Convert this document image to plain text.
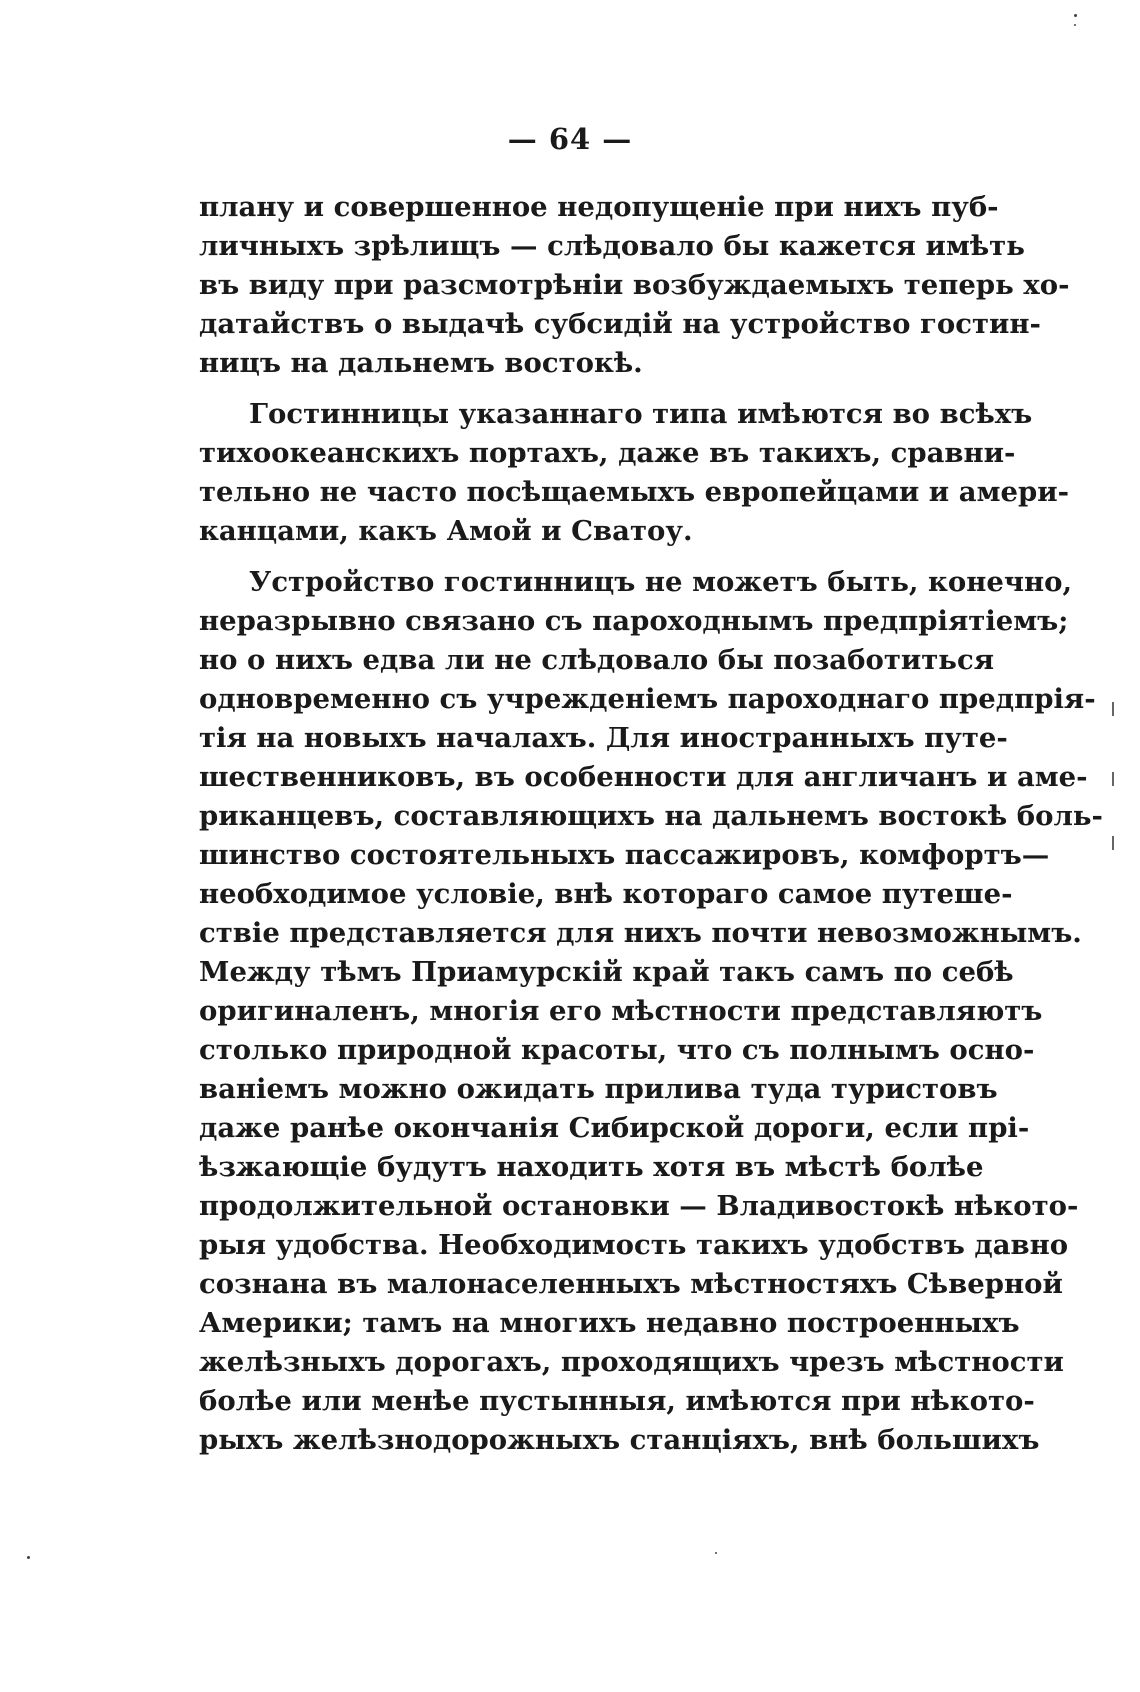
— 64 —
плану и совершенное недопущеніе при нихъ пуб-
личныхъ зрѣлищъ — слѣдовало бы кажется имѣть
въ виду при разсмотрѣніи возбуждаемыхъ теперь хо-
датайствъ о выдачѣ субсидій на устройство гостин-
ницъ на дальнемъ востокѣ.
Гостинницы указаннаго типа имѣются во всѣхъ
тихоокеанскихъ портахъ, даже въ такихъ, сравни-
тельно не часто посѣщаемыхъ европейцами и амери-
канцами, какъ Амой и Сватоу.
Устройство гостинницъ не можетъ быть, конечно,
неразрывно связано съ пароходнымъ предпріятіемъ;
но о нихъ едва ли не слѣдовало бы позаботиться
одновременно съ учрежденіемъ пароходнаго предпрія-
тія на новыхъ началахъ. Для иностранныхъ путе-
шественниковъ, въ особенности для англичанъ и аме-
риканцевъ, составляющихъ на дальнемъ востокѣ боль-
шинство состоятельныхъ пассажировъ, комфортъ—
необходимое условіе, внѣ котораго самое путеше-
ствіе представляется для нихъ почти невозможнымъ.
Между тѣмъ Приамурскій край такъ самъ по себѣ
оригиналенъ, многія его мѣстности представляютъ
столько природной красоты, что съ полнымъ осно-
ваніемъ можно ожидать прилива туда туристовъ
даже ранѣе окончанія Сибирской дороги, если прі-
ѣзжающіе будутъ находить хотя въ мѣстѣ болѣе
продолжительной остановки — Владивостокѣ нѣкото-
рыя удобства. Необходимость такихъ удобствъ давно
сознана въ малонаселенныхъ мѣстностяхъ Сѣверной
Америки; тамъ на многихъ недавно построенныхъ
желѣзныхъ дорогахъ, проходящихъ чрезъ мѣстности
болѣе или менѣе пустынныя, имѣются при нѣкото-
рыхъ желѣзнодорожныхъ станціяхъ, внѣ большихъ
